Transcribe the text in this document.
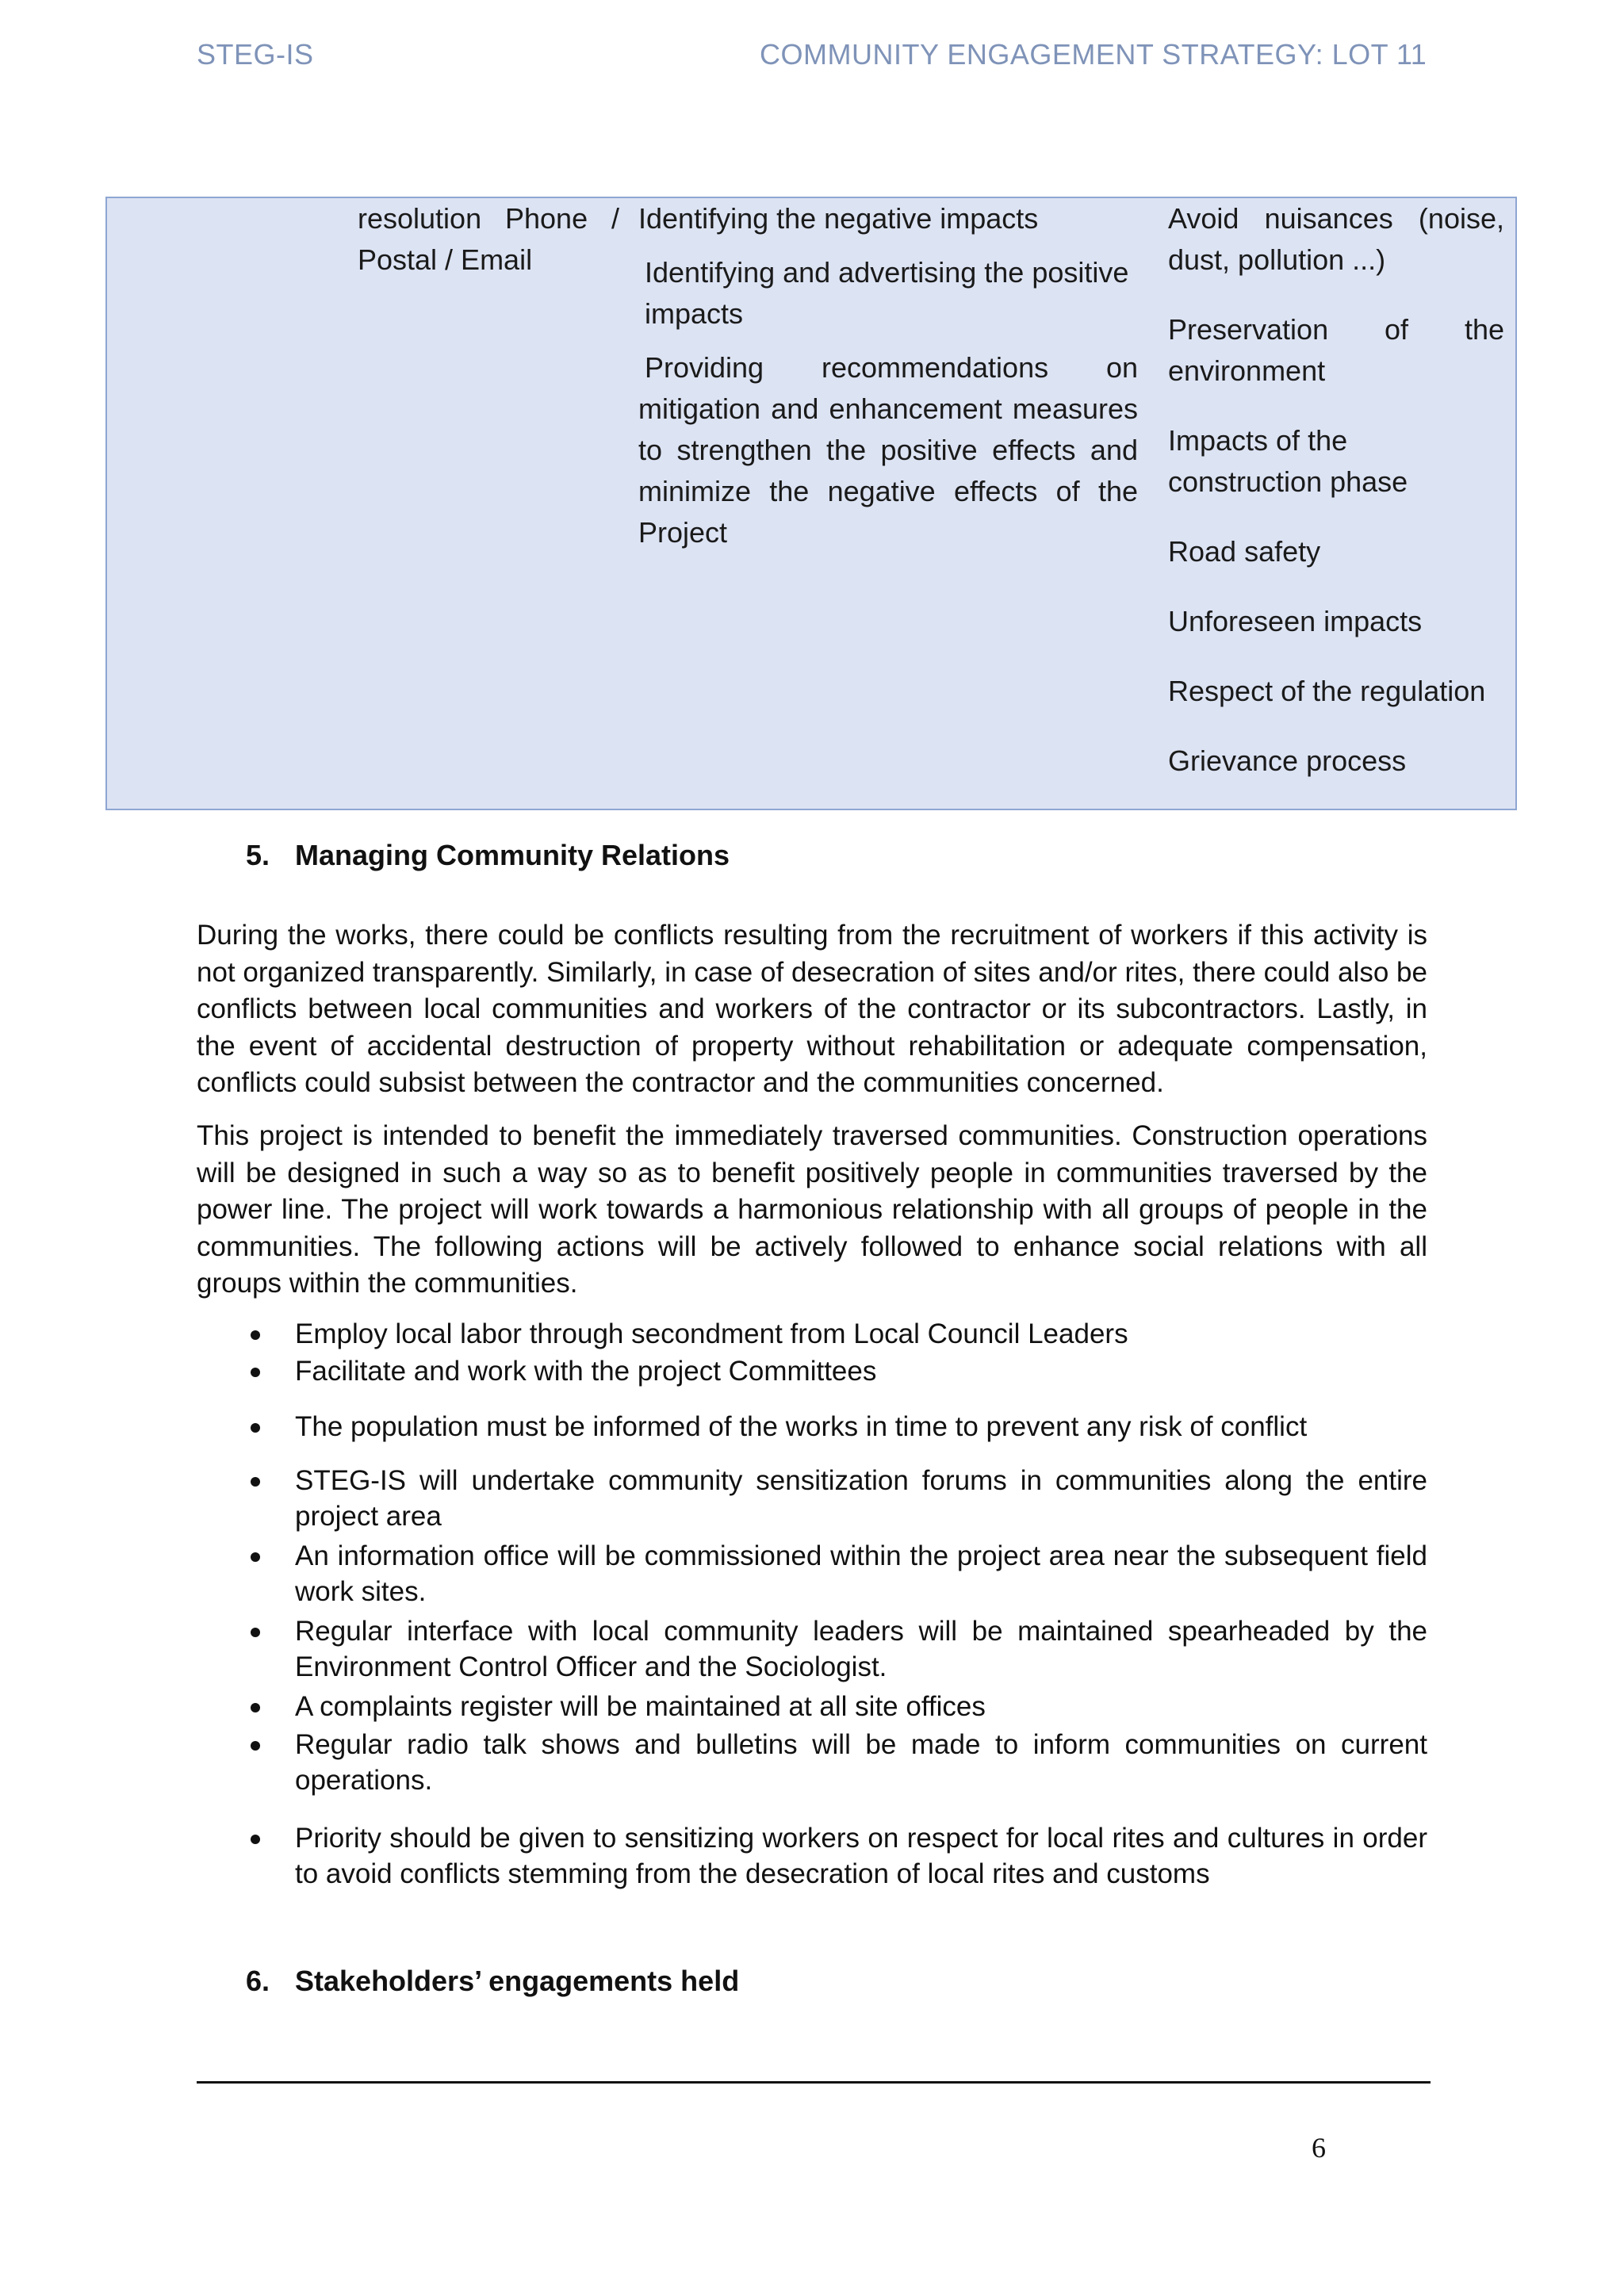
STEG-IS	COMMUNITY ENGAGEMENT STRATEGY: LOT 11
resolution Phone / Postal / Email

Identifying the negative impacts

Identifying and advertising the positive impacts

Providing recommendations on mitigation and enhancement measures to strengthen the positive effects and minimize the negative effects of the Project

Avoid nuisances (noise, dust, pollution ...)

Preservation of the environment

Impacts of the construction phase

Road safety

Unforeseen impacts

Respect of the regulation

Grievance process

5. Managing Community Relations

During the works, there could be conflicts resulting from the recruitment of workers if this activity is not organized transparently. Similarly, in case of desecration of sites and/or rites, there could also be conflicts between local communities and workers of the contractor or its subcontractors. Lastly, in the event of accidental destruction of property without rehabilitation or adequate compensation, conflicts could subsist between the contractor and the communities concerned.

This project is intended to benefit the immediately traversed communities. Construction operations will be designed in such a way so as to benefit positively people in communities traversed by the power line. The project will work towards a harmonious relationship with all groups of people in the communities. The following actions will be actively followed to enhance social relations with all groups within the communities.

Employ local labor through secondment from Local Council Leaders
Facilitate and work with the project Committees
The population must be informed of the works in time to prevent any risk of conflict
STEG-IS will undertake community sensitization forums in communities along the entire project area
An information office will be commissioned within the project area near the subsequent field work sites.
Regular interface with local community leaders will be maintained spearheaded by the Environment Control Officer and the Sociologist.
A complaints register will be maintained at all site offices
Regular radio talk shows and bulletins will be made to inform communities on current operations.
Priority should be given to sensitizing workers on respect for local rites and cultures in order to avoid conflicts stemming from the desecration of local rites and customs
6. Stakeholders’ engagements held
6
